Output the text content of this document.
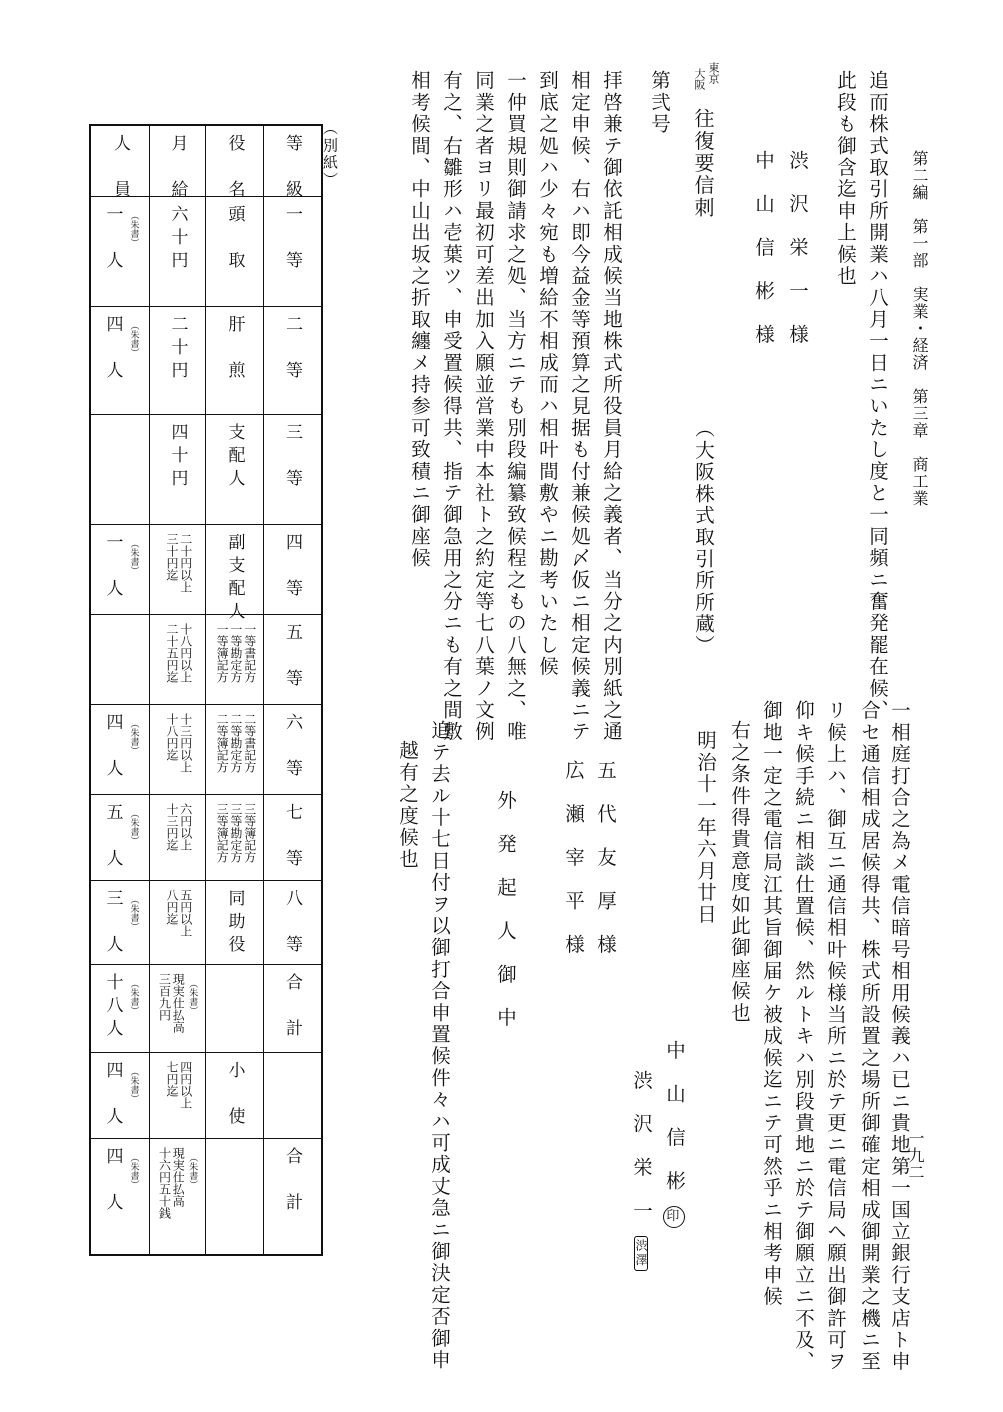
一九二
第二編　第一部　実業・経済　第三章　商工業
追而株式取引所開業ハ八月一日ニいたし度と一同頻ニ奮発罷在候、
此段も御含迄申上候也
渋　沢　栄　一　様
中　山　信　彬　様
東京
大阪
往復要信刺
（大阪株式取引所所蔵）
第弐号
拝啓兼テ御依託相成候当地株式所役員月給之義者、当分之内別紙之通
相定申候、右ハ即今益金等預算之見据も付兼候処〆仮ニ相定候義ニテ
到底之処ハ少々宛も増給不相成而ハ相叶間敷やニ勘考いたし候
一仲買規則御請求之処、当方ニテも別段編纂致候程之もの八無之、唯
同業之者ヨリ最初可差出加入願並営業中本社ト之約定等七八葉ノ文例
有之、右雛形ハ壱葉ツ、申受置候得共、指テ御急用之分ニも有之間敷
相考候間、中山出坂之折取纏メ持参可致積ニ御座候
一相庭打合之為メ電信暗号相用候義ハ已ニ貴地第一国立銀行支店ト申
合セ通信相成居候得共、株式所設置之場所御確定相成御開業之機ニ至
リ候上ハ、御互ニ通信相叶候様当所ニ於テ更ニ電信局ヘ願出御許可ヲ
仰キ候手続ニ相談仕置候、然ルトキハ別段貴地ニ於テ御願立ニ不及、
御地一定之電信局江其旨御届ケ被成候迄ニテ可然乎ニ相考申候
右之条件得貴意度如此御座候也
明治十一年六月廿日
中　山　信　彬 印
渋　沢　栄　一 渋澤
五　代　友　厚　様
広　瀬　宰　平　様
外　発　起　人　御　中
追テ去ル十七日付ヲ以御打合申置候件々ハ可成丈急ニ御決定否御申
越有之度候也
（別紙）
等　級
一　等
二　等
三　等
四　等
五　等
六　等
七　等
八　等
合　計
合　計
役　名
頭　取
肝　煎
支配人
副支配人
一等書記方
一等勘定方
一等簿記方
二等書記方
二等勘定方
二等簿記方
三等簿記方
三等勘定方
三等簿記方
同助役
小　使
月　給
六十円
二十円
四十円
二十円以上
三十円迄
十八円以上
二十五円迄
十三円以上
十八円迄
六円以上
十三円迄
五円以上
八円迄
現実仕払高
三百九円	（朱書）
四円以上
七円迄
現実仕払高
十六円五十銭	（朱書）
人　員
一　人 （朱書）
四　人 （朱書）
一　人 （朱書）
四　人 （朱書）
五　人 （朱書）
三　人 （朱書）
十八人 （朱書）
四　人 （朱書）
四　人 （朱書）
